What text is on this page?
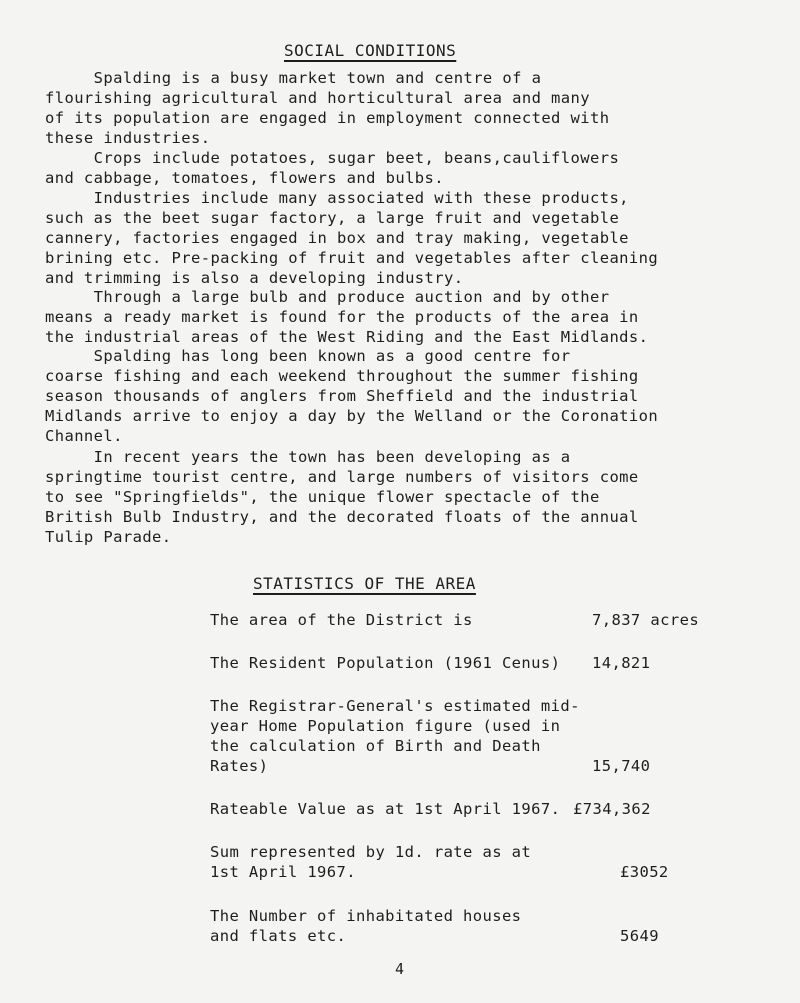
SOCIAL CONDITIONS

Spalding is a busy market town and centre of a
flourishing agricultural and horticultural area and many
of its population are engaged in employment connected with
these industries.

Crops include potatoes, sugar beet, beans,cauliflowers
and cabbage, tomatoes, flowers and bulbs.

Industries include many associated with these products,
such as the beet sugar factory, a large fruit and vegetable
cannery, factories engaged in box and tray making, vegetable
brining etc. Pre-packing of fruit and vegetables after cleaning
and trimming is also a developing industry.

Through a large bulb and produce auction and by other
means a ready market is found for the products of the area in
the industrial areas of the West Riding and the East Midlands.

Spalding has long been known as a good centre for
coarse fishing and each weekend throughout the summer fishing
season thousands of anglers from Sheffield and the industrial
Midlands arrive to enjoy a day by the Welland or the Coronation
Channel.

In recent years the town has been developing as a
springtime tourist centre, and large numbers of visitors come
to see "Springfields", the unique flower spectacle of the
British Bulb Industry, and the decorated floats of the annual
Tulip Parade.

STATISTICS OF THE AREA
The area of the District is	7,837 acres
The Resident Population (1961 Cenus) 14,821
The Registrar-General's estimated mid-
year Home Population figure (used in
the calculation of Birth and Death
Rates)	15,740
Rateable Value as at 1st April 1967. £734,362
Sum represented by 1d. rate as at
1st April 1967.	£3052
The Number of inhabitated houses
and flats etc.	5649
4
